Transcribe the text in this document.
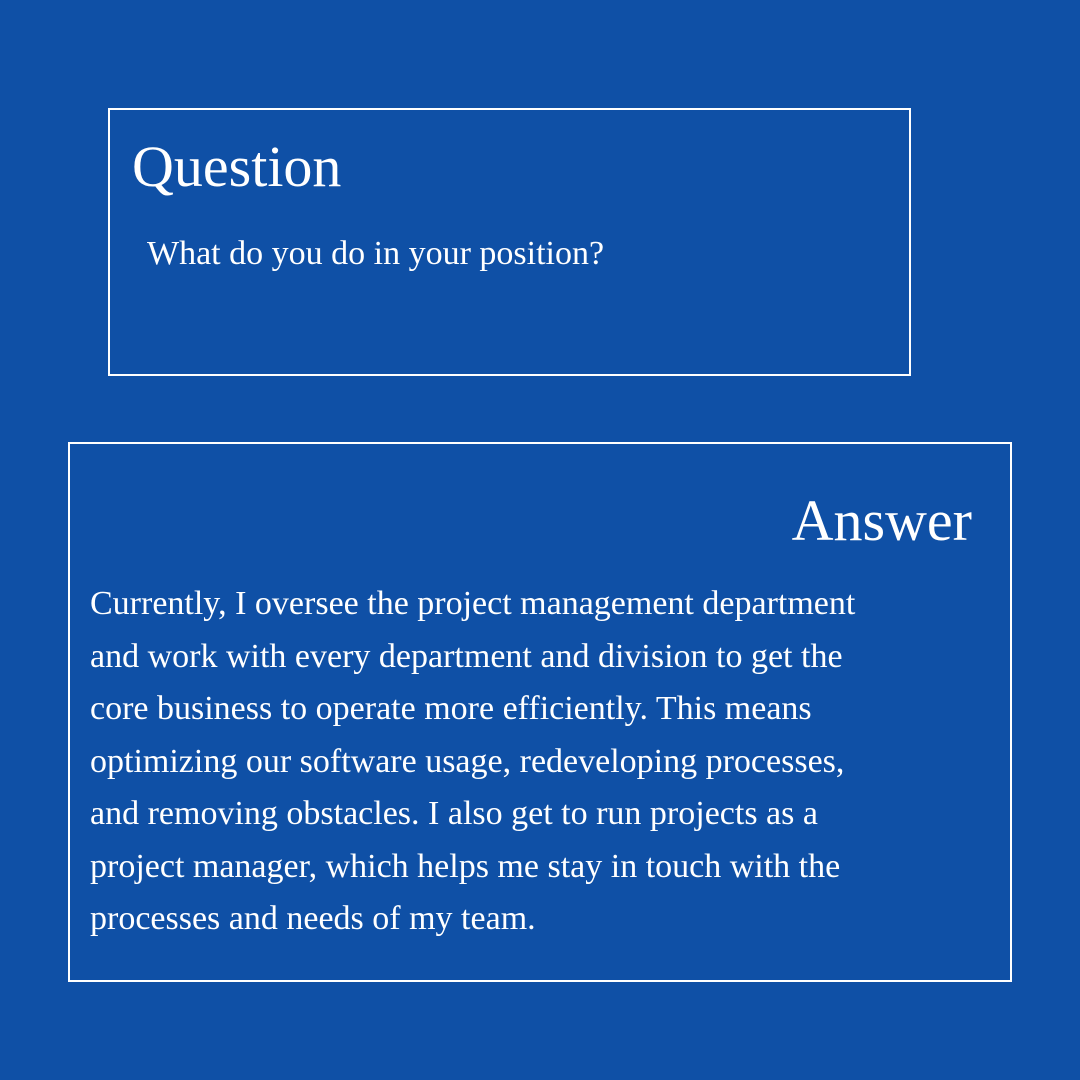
Question

What do you do in your position?

Answer

Currently, I oversee the project management department
and work with every department and division to get the
core business to operate more efficiently. This means
optimizing our software usage, redeveloping processes,
and removing obstacles. I also get to run projects as a
project manager, which helps me stay in touch with the
processes and needs of my team.
